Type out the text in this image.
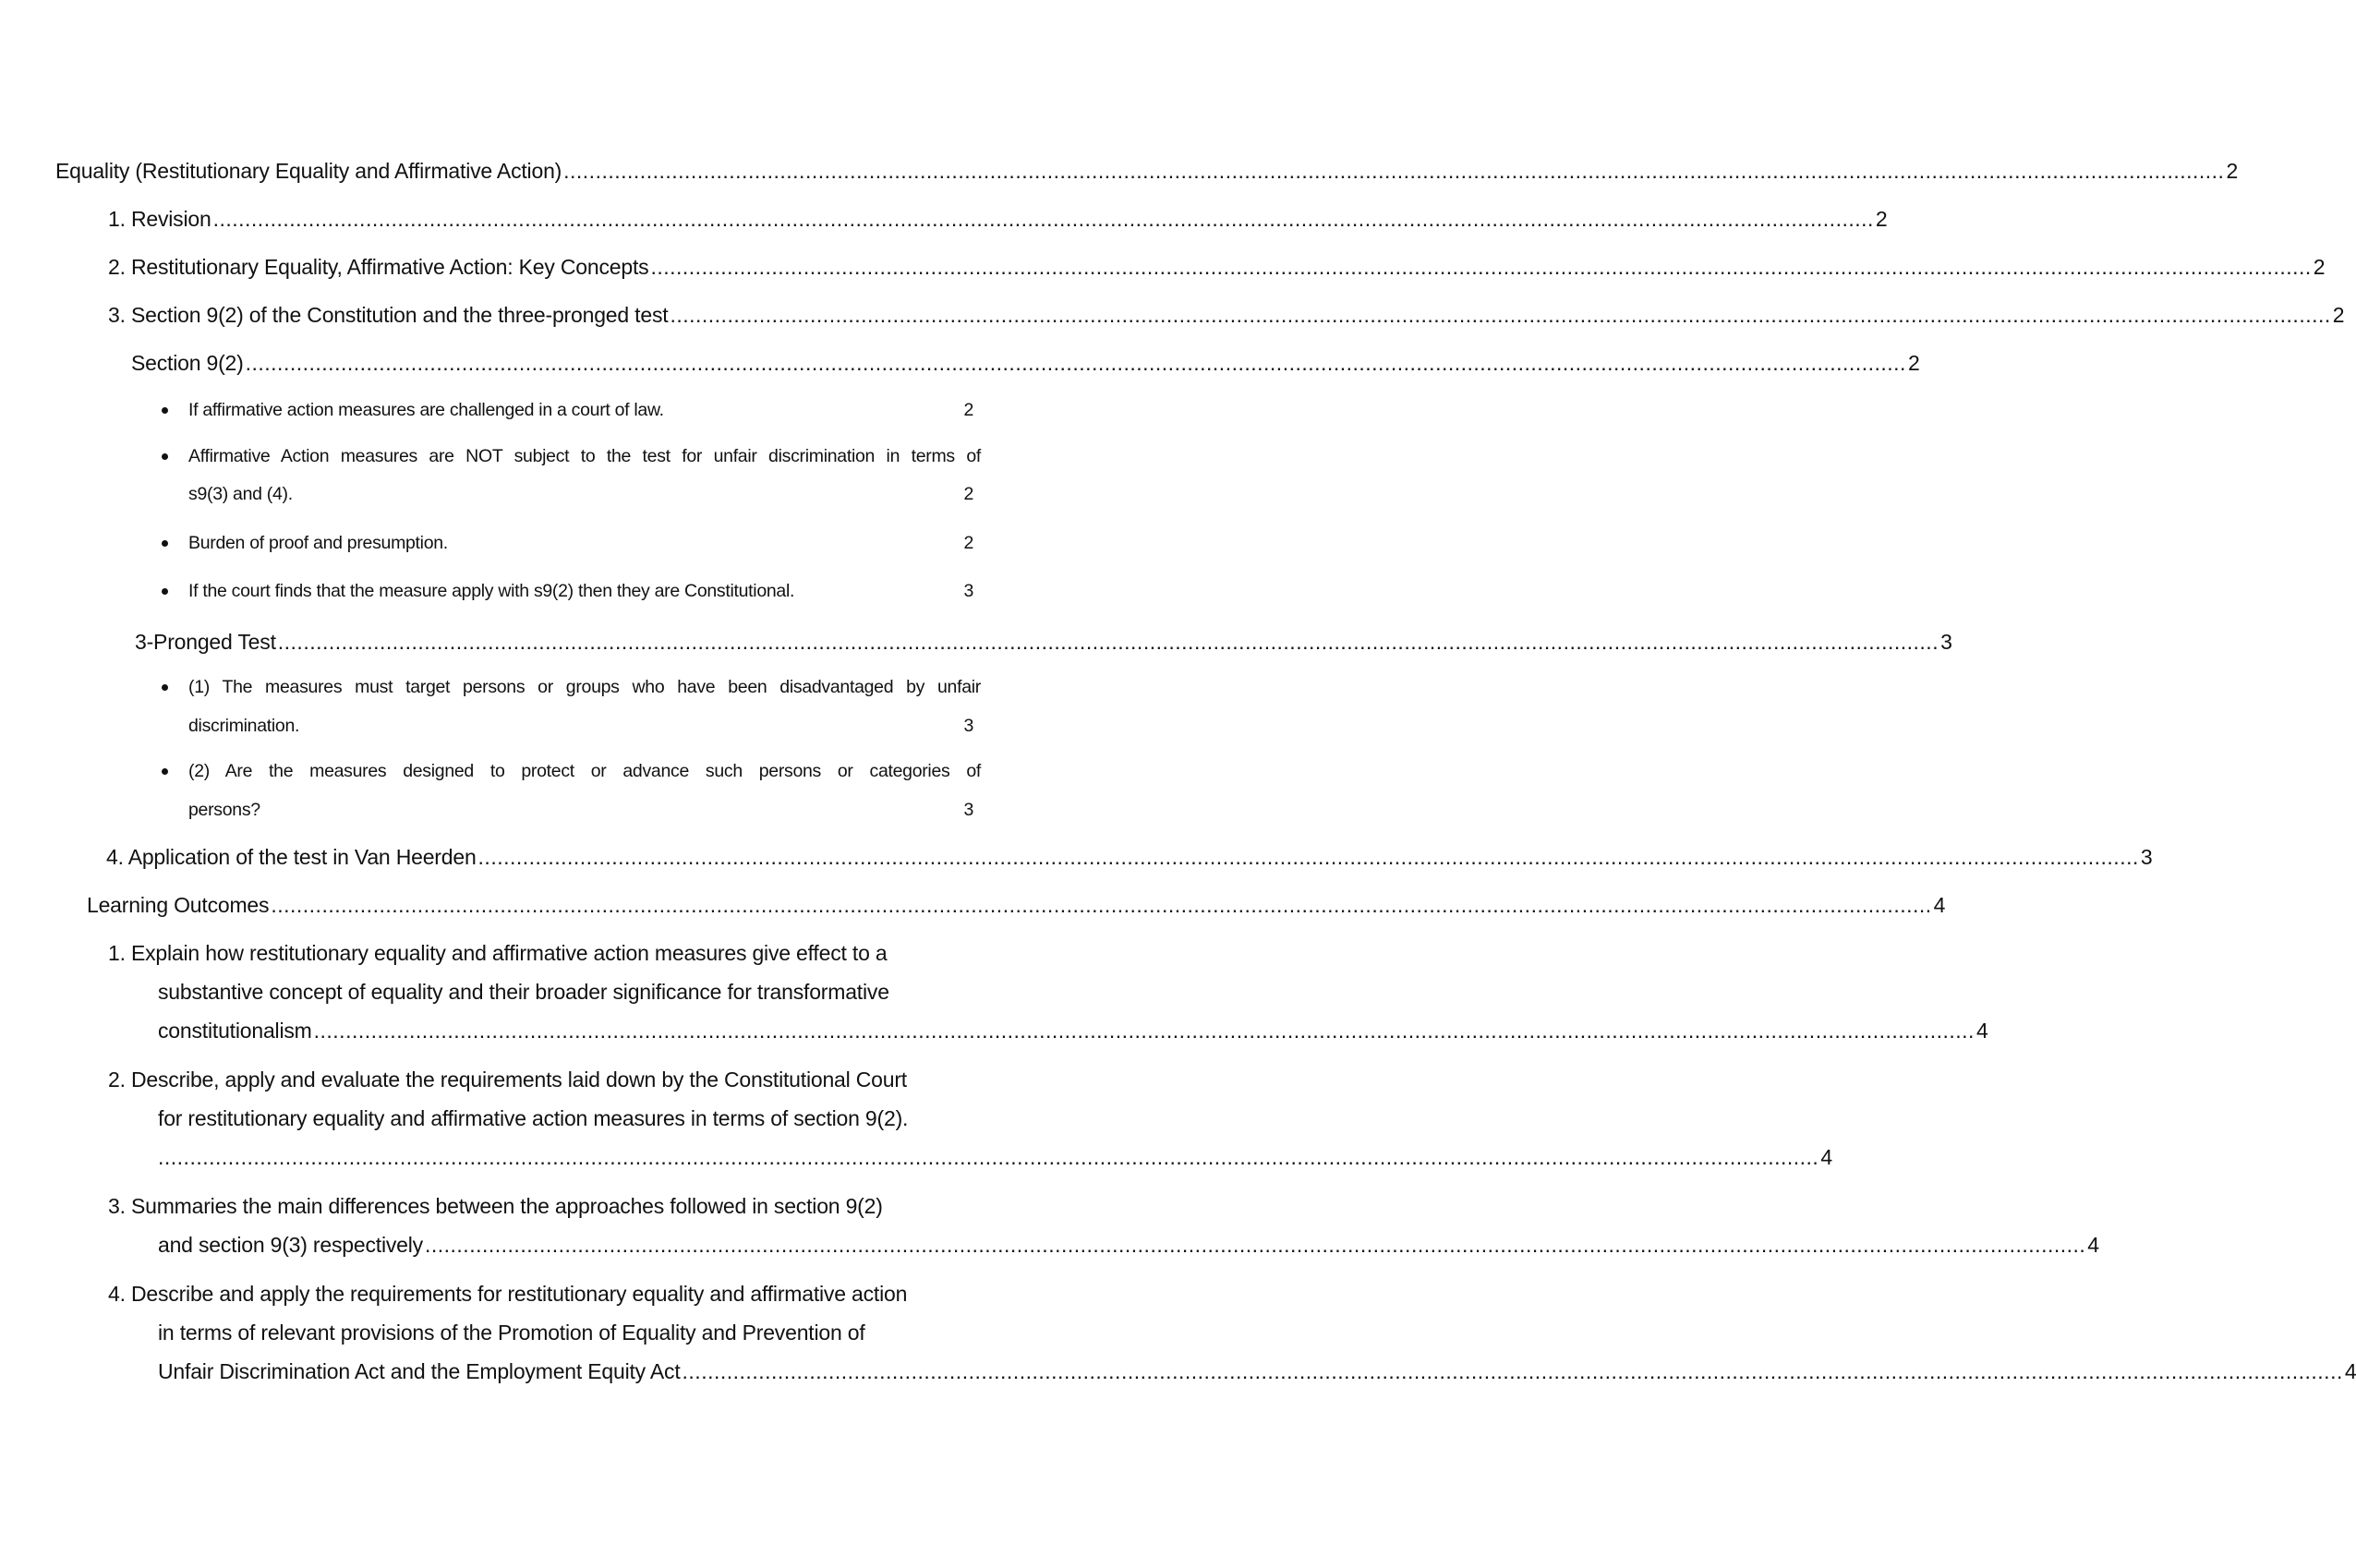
Equality (Restitutionary Equality and Affirmative Action) ..................................................................................................................................................................................................................................................................... 2
1. Revision ..................................................................................................................................................................................................................................................................... 2
2. Restitutionary Equality, Affirmative Action: Key Concepts ..................................................................................................................................................................................................................................................................... 2
3. Section 9(2) of the Constitution and the three-pronged test ..................................................................................................................................................................................................................................................................... 2
Section 9(2) ..................................................................................................................................................................................................................................................................... 2
If affirmative action measures are challenged in a court of law.	2
Affirmative Action measures are NOT subject to the test for unfair discrimination in terms of
s9(3) and (4).	2
Burden of proof and presumption.	2
If the court finds that the measure apply with s9(2) then they are Constitutional.	3
3-Pronged Test ..................................................................................................................................................................................................................................................................... 3
(1) The measures must target persons or groups who have been disadvantaged by unfair
discrimination.	3
(2) Are the measures designed to protect or advance such persons or categories of
persons?	3
4. Application of the test in Van Heerden ..................................................................................................................................................................................................................................................................... 3
Learning Outcomes ..................................................................................................................................................................................................................................................................... 4
1. Explain how restitutionary equality and affirmative action measures give effect to a
substantive concept of equality and their broader significance for transformative
constitutionalism ..................................................................................................................................................................................................................................................................... 4
2. Describe, apply and evaluate the requirements laid down by the Constitutional Court
for restitutionary equality and affirmative action measures in terms of section 9(2).
..................................................................................................................................................................................................................................................................... 4
3. Summaries the main differences between the approaches followed in section 9(2)
and section 9(3) respectively ..................................................................................................................................................................................................................................................................... 4
4. Describe and apply the requirements for restitutionary equality and affirmative action
in terms of relevant provisions of the Promotion of Equality and Prevention of
Unfair Discrimination Act and the Employment Equity Act ..................................................................................................................................................................................................................................................................... 4
